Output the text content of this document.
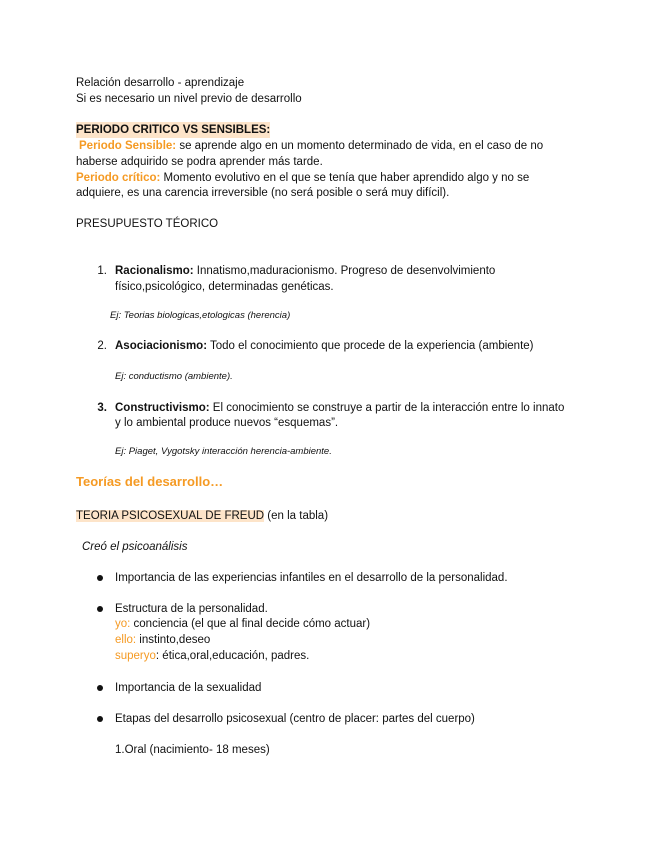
Relación desarrollo - aprendizaje
Si es necesario un nivel previo de desarrollo
PERIODO CRITICO VS SENSIBLES:
Periodo Sensible: se aprende algo en un momento determinado de vida, en el caso de no
haberse adquirido se podra aprender más tarde.
Periodo crítico: Momento evolutivo en el que se tenía que haber aprendido algo y no se
adquiere, es una carencia irreversible (no será posible o será muy difícil).
PRESUPUESTO TÉORICO
1. Racionalismo: Innatismo,maduracionismo. Progreso de desenvolvimiento
físico,psicológico, determinadas genéticas.
Ej: Teorias biologicas,etologicas (herencia)
2. Asociacionismo: Todo el conocimiento que procede de la experiencia (ambiente)
Ej: conductismo (ambiente).
3. Constructivismo: El conocimiento se construye a partir de la interacción entre lo innato
y lo ambiental produce nuevos “esquemas”.
Ej: Piaget, Vygotsky interacción herencia-ambiente.
Teorías del desarrollo…
TEORIA PSICOSEXUAL DE FREUD (en la tabla)
Creó el psicoanálisis
Importancia de las experiencias infantiles en el desarrollo de la personalidad.
Estructura de la personalidad.
yo: conciencia (el que al final decide cómo actuar)
ello: instinto,deseo
superyo: ética,oral,educación, padres.
Importancia de la sexualidad
Etapas del desarrollo psicosexual (centro de placer: partes del cuerpo)
1.Oral (nacimiento- 18 meses)
